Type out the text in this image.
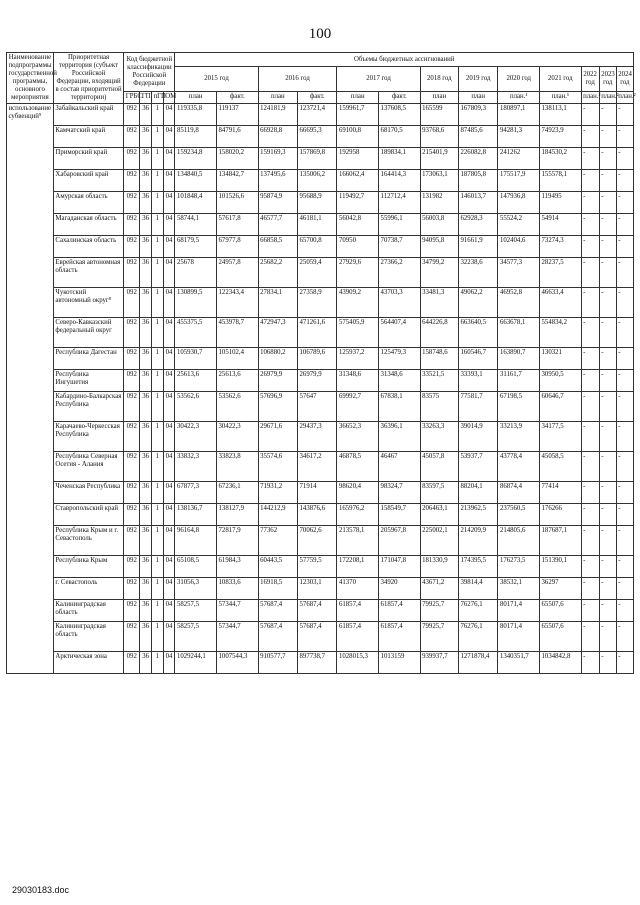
100
Наименование подпрограммы государственной программы, основного мероприятия	Приоритетная территория (субъект Российской Федерации, входящий в состав приоритетной территории)	Код бюджетной классификации Российской Федерации				Объемы бюджетных ассигнований												
						2015 год		2016 год		2017 год		2018 год	2019 год	2020 год	2021 год	2022 год	2023 год	2024 год
		ГРБС	ГП	пГП	ОМ	план	факт.	план	факт.	план	факт.	план	план	план.¹	план.¹	план.²	план.²	план.²
использование субвенций⁹	Забайкальский край	092	36	1	04	119335,8	119137	124181,9	123721,4	159961,7	137608,5	165599	167809,3	180897,1	138113,1	-	-	-
	Камчатский край	092	36	1	04	85119,8	84791,6	66928,8	66695,3	69100,8	68170,5	93768,6	87485,6	94281,3	74923,9	-	-	-
	Приморский край	092	36	1	04	159234,8	158020,2	159169,3	157869,8	192958	189834,1	215401,9	226082,8	241262	184530,2	-	-	-
	Хабаровский край	092	36	1	04	134840,5	134842,7	137495,6	135006,2	166062,4	164414,3	173063,1	187805,8	175517,9	155578,1	-	-	-
	Амурская область	092	36	1	04	101848,4	101526,6	95874,9	95688,9	119492,7	112712,4	131982	146013,7	147936,8	119495	-	-	-
	Магаданская область	092	36	1	04	58744,1	57617,8	46577,7	46181,1	56042,8	55996,1	56003,8	62928,3	55524,2	54914	-	-	-
	Сахалинская область	092	36	1	04	68179,5	67977,8	66858,5	65700,8	70950	70738,7	94095,8	91661,9	102404,6	73274,3	-	-	-
	Еврейская автономная область	092	36	1	04	25678	24957,8	25682,2	25059,4	27929,6	27366,2	34799,2	32238,6	34577,3	28237,5	-	-	-
	Чукотский автономный округ⁸	092	36	1	04	130899,5	122343,4	27834,1	27358,9	43909,2	43703,3	33481,3	49062,2	46952,8	46633,4	-	-	-
	Северо-Кавказский федеральный округ	092	36	1	04	455375,5	453978,7	472947,3	471261,6	575405,9	564407,4	644226,8	663640,5	663678,1	554834,2	-	-	-
	Республика Дагестан	092	36	1	04	105930,7	105102,4	106880,2	106789,6	125937,2	125479,3	158748,6	160546,7	163890,7	130321	-	-	-
	Республика Ингушетия	092	36	1	04	25613,6	25613,6	26979,9	26979,9	31348,6	31348,6	33521,5	33393,1	31161,7	30950,5	-	-	-
	Кабардино-Балкарская Республика	092	36	1	04	53562,6	53562,6	57696,9	57647	69992,7	67838,1	83575	77581,7	67198,5	60646,7	-	-	-
	Карачаево-Черкесская Республика	092	36	1	04	30422,3	30422,3	29671,6	29437,3	36652,3	36396,1	33263,3	39014,9	33213,9	34177,5	-	-	-
	Республика Северная Осетия - Алания	092	36	1	04	33832,3	33823,8	35574,6	34617,2	46878,5	46467	45057,8	53937,7	43778,4	45058,5	-	-	-
	Чеченская Республика	092	36	1	04	67877,3	67236,1	71931,2	71914	98620,4	98324,7	83597,5	88204,1	86874,4	77414	-	-	-
	Ставропольский край	092	36	1	04	138136,7	138127,9	144212,9	143876,6	165976,2	158549,7	206463,1	213962,5	237560,5	176266	-	-	-
	Республика Крым и г. Севастополь	092	36	1	04	96164,8	72817,9	77362	70062,6	213578,1	205967,8	225002,1	214209,9	214805,6	187687,1	-	-	-
	Республика Крым	092	36	1	04	65108,5	61984,3	60443,5	57759,5	172208,1	171047,8	181330,9	174395,5	176273,5	151390,1	-	-	-
	г. Севастополь	092	36	1	04	31056,3	10833,6	16918,5	12303,1	41370	34920	43671,2	39814,4	38532,1	36297	-	-	-
	Калининградская область	092	36	1	04	58257,5	57344,7	57687,4	57687,4	61857,4	61857,4	79925,7	76276,1	80171,4	65507,6	-	-	-
	Калининградская область	092	36	1	04	58257,5	57344,7	57687,4	57687,4	61857,4	61857,4	79925,7	76276,1	80171,4	65507,6	-	-	-
	Арктическая зона	092	36	1	04	1029244,1	1007544,3	910577,7	897738,7	1028015,3	1013159	939937,7	1271878,4	1340351,7	1034842,8	-	-	-
29030183.doc
